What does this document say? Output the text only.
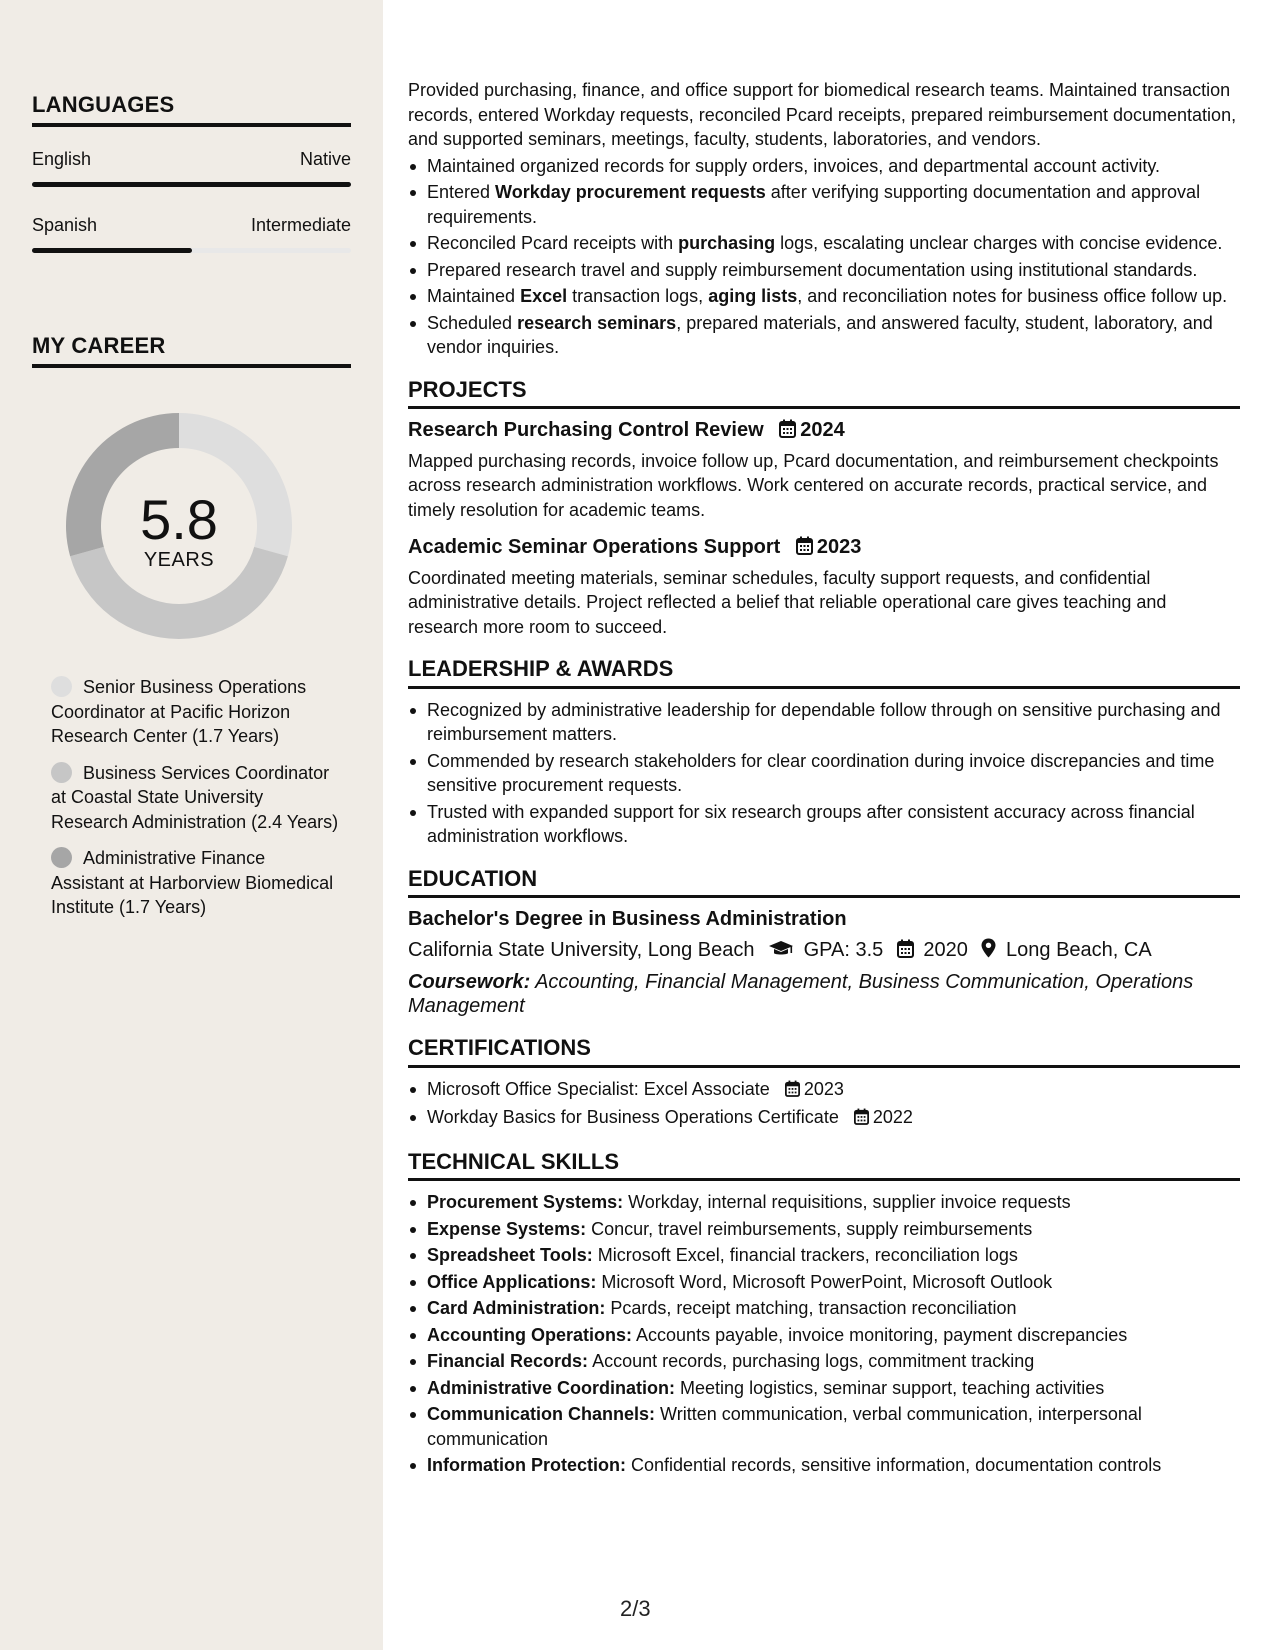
LANGUAGES
English	Native
Spanish	Intermediate
MY CAREER
5.8
YEARS
Senior Business Operations Coordinator at Pacific Horizon Research Center (1.7 Years)
Business Services Coordinator at Coastal State University Research Administration (2.4 Years)
Administrative Finance Assistant at Harborview Biomedical Institute (1.7 Years)

Provided purchasing, finance, and office support for biomedical research teams. Maintained transaction records, entered Workday requests, reconciled Pcard receipts, prepared reimbursement documentation, and supported seminars, meetings, faculty, students, laboratories, and vendors.

Maintained organized records for supply orders, invoices, and departmental account activity.
Entered Workday procurement requests after verifying supporting documentation and approval requirements.
Reconciled Pcard receipts with purchasing logs, escalating unclear charges with concise evidence.
Prepared research travel and supply reimbursement documentation using institutional standards.
Maintained Excel transaction logs, aging lists, and reconciliation notes for business office follow up.
Scheduled research seminars, prepared materials, and answered faculty, student, laboratory, and vendor inquiries.
PROJECTS
Research Purchasing Control Review 2024

Mapped purchasing records, invoice follow up, Pcard documentation, and reimbursement checkpoints across research administration workflows. Work centered on accurate records, practical service, and timely resolution for academic teams.

Academic Seminar Operations Support 2023

Coordinated meeting materials, seminar schedules, faculty support requests, and confidential administrative details. Project reflected a belief that reliable operational care gives teaching and research more room to succeed.

LEADERSHIP & AWARDS
Recognized by administrative leadership for dependable follow through on sensitive purchasing and reimbursement matters.
Commended by research stakeholders for clear coordination during invoice discrepancies and time sensitive procurement requests.
Trusted with expanded support for six research groups after consistent accuracy across financial administration workflows.
EDUCATION
Bachelor's Degree in Business Administration
California State University, Long Beach GPA: 3.5 2020 Long Beach, CA
Coursework: Accounting, Financial Management, Business Communication, Operations Management
CERTIFICATIONS
Microsoft Office Specialist: Excel Associate 2023
Workday Basics for Business Operations Certificate 2022
TECHNICAL SKILLS
Procurement Systems: Workday, internal requisitions, supplier invoice requests
Expense Systems: Concur, travel reimbursements, supply reimbursements
Spreadsheet Tools: Microsoft Excel, financial trackers, reconciliation logs
Office Applications: Microsoft Word, Microsoft PowerPoint, Microsoft Outlook
Card Administration: Pcards, receipt matching, transaction reconciliation
Accounting Operations: Accounts payable, invoice monitoring, payment discrepancies
Financial Records: Account records, purchasing logs, commitment tracking
Administrative Coordination: Meeting logistics, seminar support, teaching activities
Communication Channels: Written communication, verbal communication, interpersonal communication
Information Protection: Confidential records, sensitive information, documentation controls
2/3
